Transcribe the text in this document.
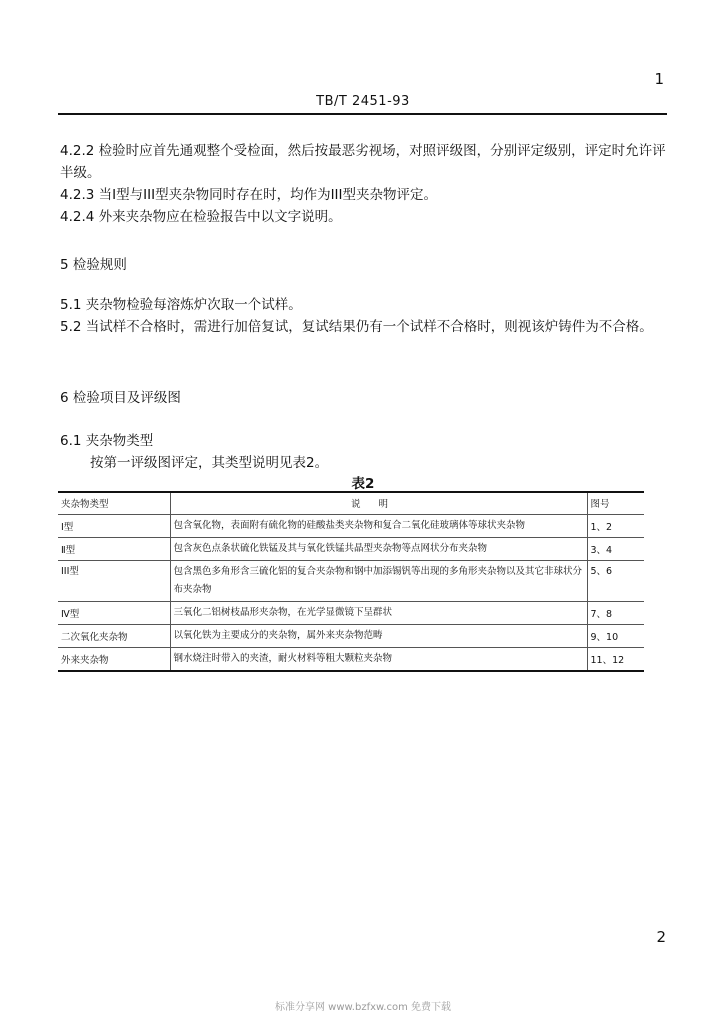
1
TB/T 2451-93
4.2.2 检验时应首先通观整个受检面，然后按最恶劣视场，对照评级图，分别评定级别，评定时允许评半级。
4.2.3 当Ⅰ型与III型夹杂物同时存在时，均作为III型夹杂物评定。
4.2.4 外来夹杂物应在检验报告中以文字说明。
5 检验规则
5.1 夹杂物检验每溶炼炉次取一个试样。
5.2 当试样不合格时，需进行加倍复试，复试结果仍有一个试样不合格时，则视该炉铸件为不合格。
6 检验项目及评级图
6.1 夹杂物类型
按第一评级图评定，其类型说明见表2。
表2
夹杂物类型	说明	图号
Ⅰ型	包含氧化物，表面附有硫化物的硅酸盐类夹杂物和复合二氧化硅玻璃体等球状夹杂物	1、2
Ⅱ型	包含灰色点条状硫化铁锰及其与氧化铁锰共晶型夹杂物等点网状分布夹杂物	3、4
III型	包含黑色多角形含三硫化铝的复合夹杂物和钢中加添锡钒等出现的多角形夹杂物以及其它非球状分布夹杂物	5、6
Ⅳ型	三氧化二铝树枝晶形夹杂物，在光学显微镜下呈群状	7、8
二次氧化夹杂物	以氧化铁为主要成分的夹杂物，属外来夹杂物范畴	9、10
外来夹杂物	钢水烧注时带入的夹渣，耐火材料等粗大颗粒夹杂物	11、12
2
标准分享网 www.bzfxw.com 免费下载
